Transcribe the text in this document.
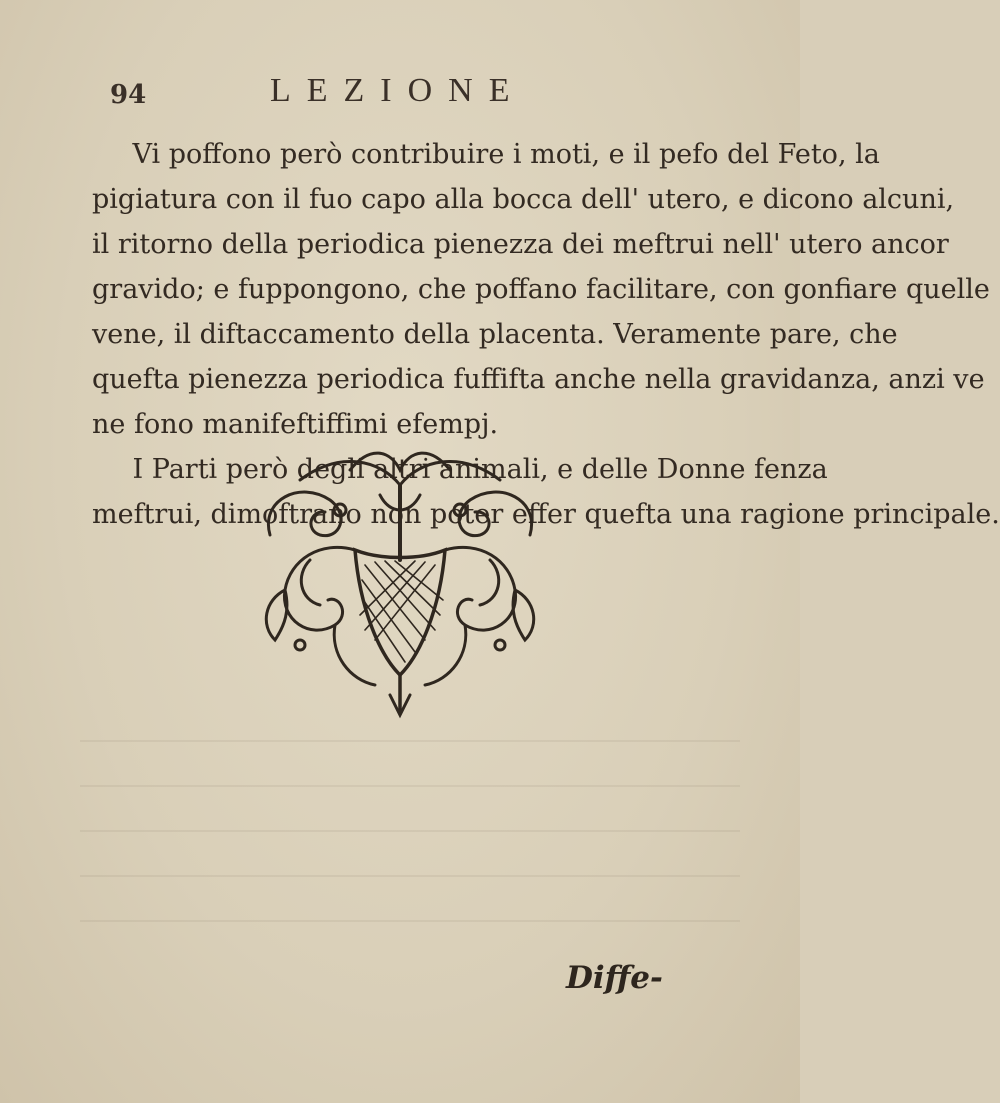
94	LEZIONE

Vi poffono però contribuire i moti, e il pefo del Feto, la
pigiatura con il fuo capo alla bocca dell' utero, e dicono alcuni,
il ritorno della periodica pienezza dei meftrui nell' utero ancor
gravido; e fuppongono, che poffano facilitare, con gonfiare quelle
vene, il diftaccamento della placenta. Veramente pare, che
quefta pienezza periodica fuffifta anche nella gravidanza, anzi ve
ne fono manifeftiffimi efempj.

I Parti però degli altri animali, e delle Donne fenza
meftrui, dimoftrano non poter effer quefta una ragione principale.

Diffe-
